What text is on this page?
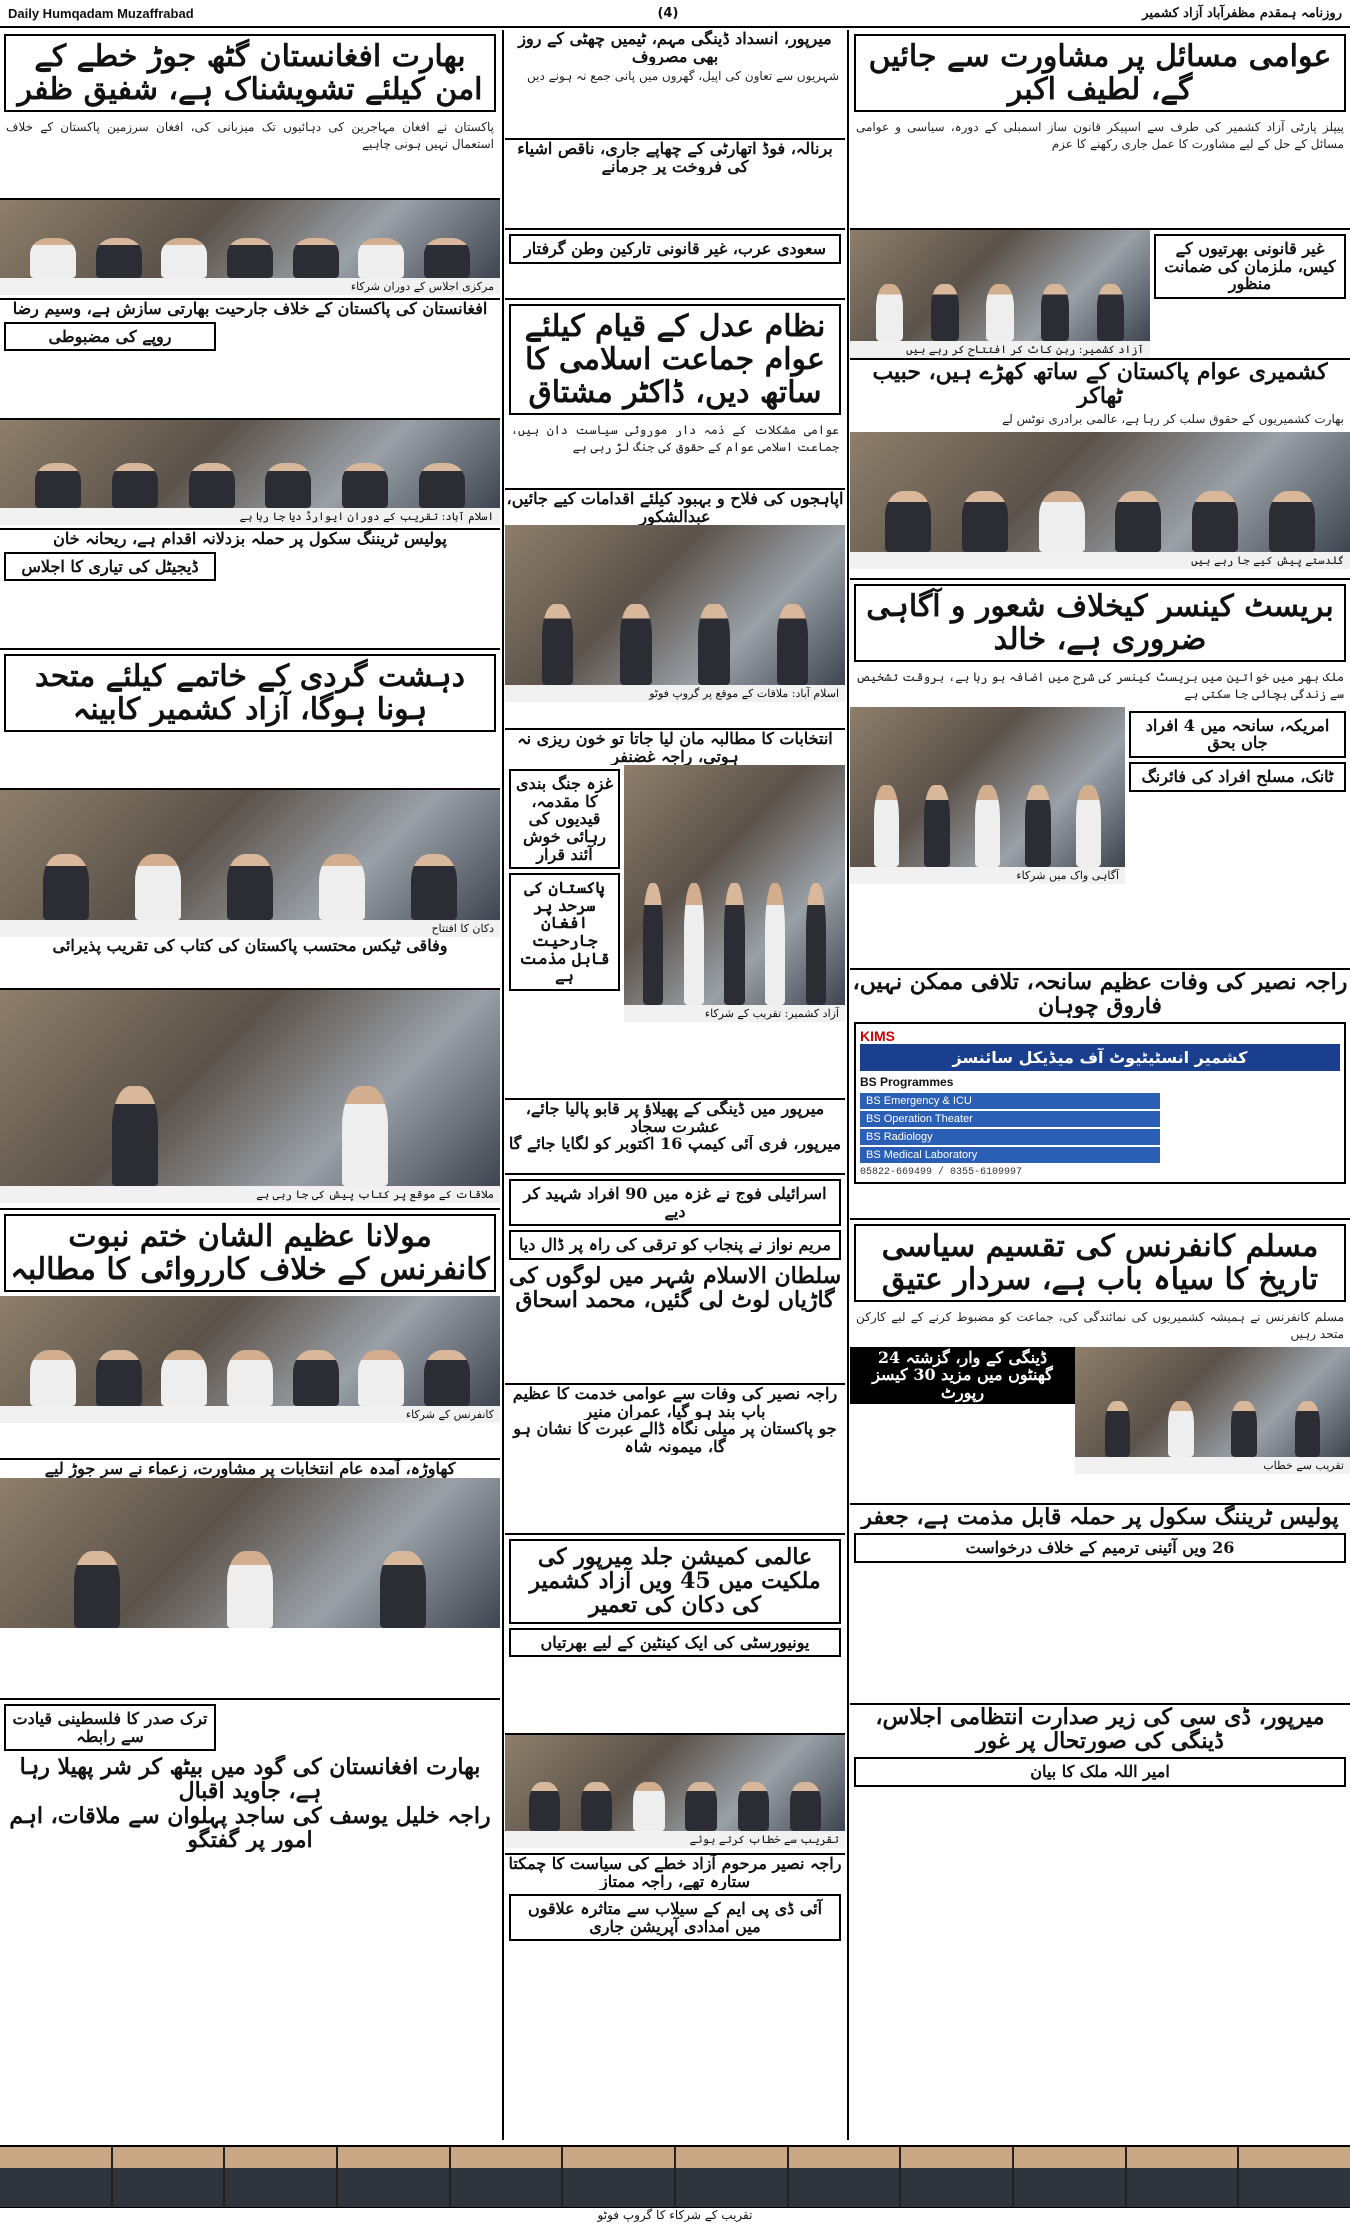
Daily Humqadam Muzaffrabad	(4)	روزنامہ ہمقدم مظفرآباد آزاد کشمیر
عوامی مسائل پر مشاورت سے جائیں گے، لطیف اکبر
پیپلز پارٹی آزاد کشمیر کی طرف سے اسپیکر قانون ساز اسمبلی کے دورہ، سیاسی و عوامی مسائل کے حل کے لیے مشاورت کا عمل جاری رکھنے کا عزم
آزاد کشمیر: ربن کاٹ کر افتتاح کر رہے ہیں
غیر قانونی بھرتیوں کے کیس، ملزمان کی ضمانت منظور
کشمیری عوام پاکستان کے ساتھ کھڑے ہیں، حبیب ٹھاکر
بھارت کشمیریوں کے حقوق سلب کر رہا ہے، عالمی برادری نوٹس لے
گلدستے پیش کیے جا رہے ہیں
بریسٹ کینسر کیخلاف شعور و آگاہی ضروری ہے، خالد
ملک بھر میں خواتین میں بریسٹ کینسر کی شرح میں اضافہ ہو رہا ہے، بروقت تشخیص سے زندگی بچائی جا سکتی ہے
آگاہی واک میں شرکاء
امریکہ، سانحہ میں 4 افراد جاں بحق
ٹانک، مسلح افراد کی فائرنگ
راجہ نصیر کی وفات عظیم سانحہ، تلافی ممکن نہیں، فاروق چوہان
KIMS
کشمیر انسٹیٹیوٹ آف میڈیکل سائنسز
BS Programmes
BS Emergency & ICU
BS Operation Theater
BS Radiology
BS Medical Laboratory
05822-669499 / 0355-6109997
مسلم کانفرنس کی تقسیم سیاسی تاریخ کا سیاہ باب ہے، سردار عتیق
مسلم کانفرنس نے ہمیشہ کشمیریوں کی نمائندگی کی، جماعت کو مضبوط کرنے کے لیے کارکن متحد رہیں
ڈینگی کے وار، گزشتہ 24 گھنٹوں میں مزید 30 کیسز رپورٹ
تقریب سے خطاب
پولیس ٹریننگ سکول پر حملہ قابل مذمت ہے، جعفر
26 ویں آئینی ترمیم کے خلاف درخواست
میرپور، ڈی سی کی زیر صدارت انتظامی اجلاس، ڈینگی کی صورتحال پر غور
امیر اللہ ملک کا بیان
میرپور، انسداد ڈینگی مہم، ٹیمیں چھٹی کے روز بھی مصروف
شہریوں سے تعاون کی اپیل، گھروں میں پانی جمع نہ ہونے دیں
برنالہ، فوڈ اتھارٹی کے چھاپے جاری، ناقص اشیاء کی فروخت پر جرمانے
سعودی عرب، غیر قانونی تارکین وطن گرفتار
نظام عدل کے قیام کیلئے عوام جماعت اسلامی کا ساتھ دیں، ڈاکٹر مشتاق
عوامی مشکلات کے ذمہ دار موروثی سیاست دان ہیں، جماعت اسلامی عوام کے حقوق کی جنگ لڑ رہی ہے
اپاہجوں کی فلاح و بہبود کیلئے اقدامات کیے جائیں، عبدالشکور
اسلام آباد: ملاقات کے موقع پر گروپ فوٹو
انتخابات کا مطالبہ مان لیا جاتا تو خون ریزی نہ ہوتی، راجہ غضنفر
غزہ جنگ بندی کا مقدمہ، قیدیوں کی رہائی خوش آئند قرار
پاکستان کی سرحد پر افغان جارحیت قابل مذمت ہے
آزاد کشمیر: تقریب کے شرکاء
میرپور میں ڈینگی کے پھیلاؤ پر قابو پالیا جائے، عشرت سجاد
میرپور، فری آئی کیمپ 16 اکتوبر کو لگایا جائے گا
اسرائیلی فوج نے غزہ میں 90 افراد شہید کر دیے
مریم نواز نے پنجاب کو ترقی کی راہ پر ڈال دیا
سلطان الاسلام شہر میں لوگوں کی گاڑیاں لوٹ لی گئیں، محمد اسحاق
راجہ نصیر کی وفات سے عوامی خدمت کا عظیم باب بند ہو گیا، عمران منیر
جو پاکستان پر میلی نگاہ ڈالے عبرت کا نشان ہو گا، میمونہ شاہ
عالمی کمیشن جلد میرپور کی ملکیت میں 45 ویں آزاد کشمیر کی دکان کی تعمیر
یونیورسٹی کی ایک کینٹین کے لیے بھرتیاں
تقریب سے خطاب کرتے ہوئے
راجہ نصیر مرحوم آزاد خطے کی سیاست کا چمکتا ستارہ تھے، راجہ ممتاز
آئی ڈی پی ایم کے سیلاب سے متاثرہ علاقوں میں امدادی آپریشن جاری
بھارت افغانستان گٹھ جوڑ خطے کے امن کیلئے تشویشناک ہے، شفیق ظفر
پاکستان نے افغان مہاجرین کی دہائیوں تک میزبانی کی، افغان سرزمین پاکستان کے خلاف استعمال نہیں ہونی چاہیے
مرکزی اجلاس کے دوران شرکاء
افغانستان کی پاکستان کے خلاف جارحیت بھارتی سازش ہے، وسیم رضا
روپے کی مضبوطی
اسلام آباد: تقریب کے دوران ایوارڈ دیا جا رہا ہے
پولیس ٹریننگ سکول پر حملہ بزدلانہ اقدام ہے، ریحانہ خان
ڈیجیٹل کی تیاری کا اجلاس
دہشت گردی کے خاتمے کیلئے متحد ہونا ہوگا، آزاد کشمیر کابینہ
دکان کا افتتاح
وفاقی ٹیکس محتسب پاکستان کی کتاب کی تقریب پذیرائی
ملاقات کے موقع پر کتاب پیش کی جا رہی ہے
مولانا عظیم الشان ختم نبوت کانفرنس کے خلاف کارروائی کا مطالبہ
کانفرنس کے شرکاء
کھاوڑہ، آمدہ عام انتخابات پر مشاورت، زعماء نے سر جوڑ لیے
ترک صدر کا فلسطینی قیادت سے رابطہ
بھارت افغانستان کی گود میں بیٹھ کر شر پھیلا رہا ہے، جاوید اقبال
راجہ خلیل یوسف کی ساجد پہلوان سے ملاقات، اہم امور پر گفتگو
تقریب کے شرکاء کا گروپ فوٹو
